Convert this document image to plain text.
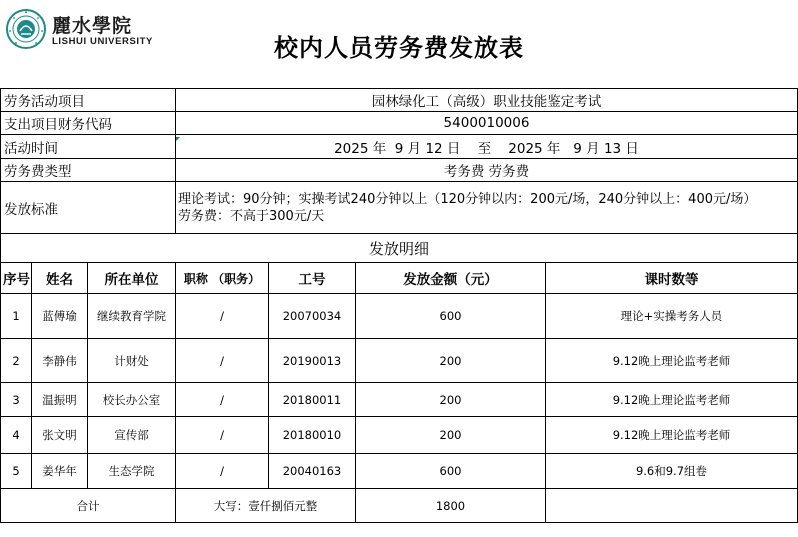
麗水學院
LISHUI UNIVERSITY	校内人员劳务费发放表
劳务活动项目			园林绿化工（高级）职业技能鉴定考试			
支出项目财务代码			5400010006			
活动时间			2025 年  9 月 12 日    至    2025 年   9 月 13 日			
劳务费类型			考务费 劳务费			
发放标准			理论考试：90分钟；实操考试240分钟以上（120分钟以内：200元/场，240分钟以上：400元/场）
劳务费：不高于300元/天			

发放明细						
序号	姓名	所在单位	职称 （职务）	工号	发放金额（元）	课时数等
1	蓝傅瑜	继续教育学院	/	20070034	600	理论+实操考务人员
2	李静伟	计财处	/	20190013	200	9.12晚上理论监考老师
3	温振明	校长办公室	/	20180011	200	9.12晚上理论监考老师
4	张文明	宣传部	/	20180010	200	9.12晚上理论监考老师
5	姜华年	生态学院	/	20040163	600	9.6和9.7组卷
合计			大写：壹仟捌佰元整		1800	
